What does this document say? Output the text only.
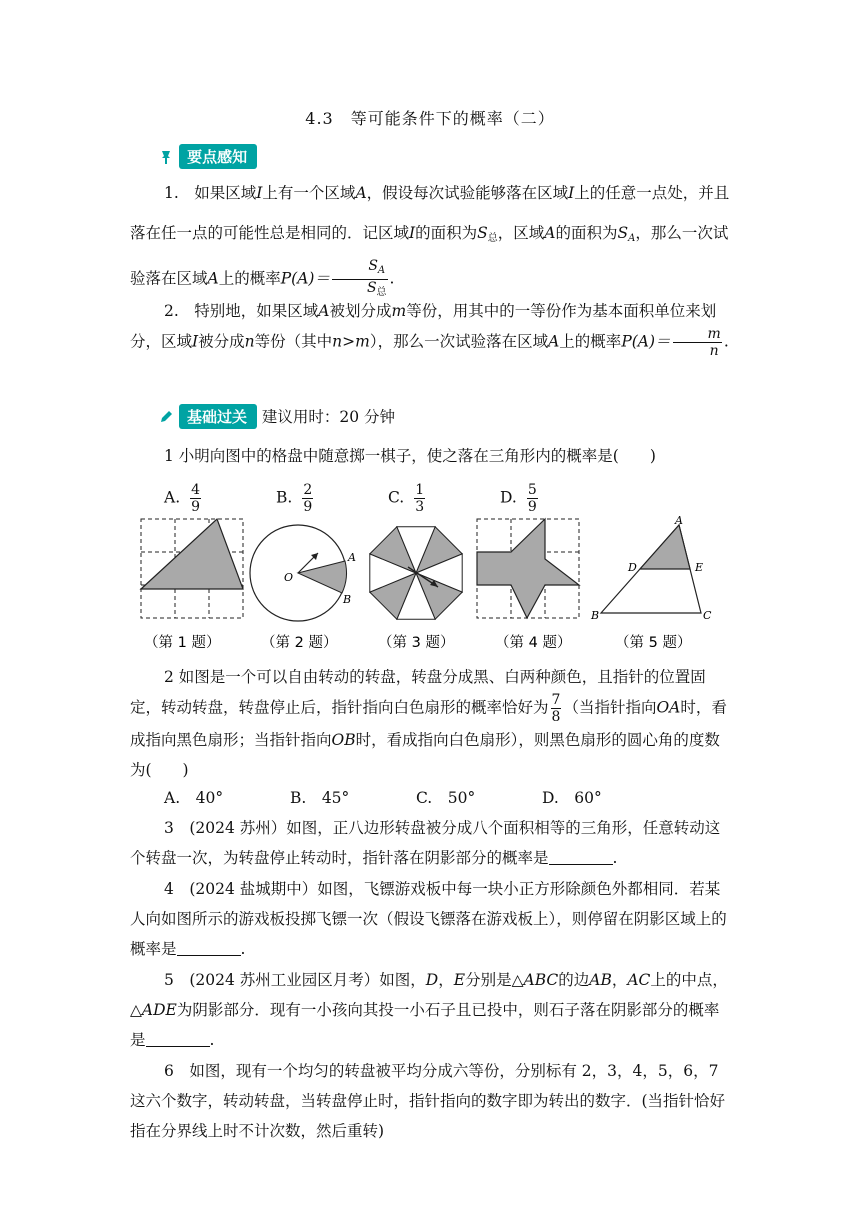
4.3　等可能条件下的概率（二）
要点感知
1.　如果区域I上有一个区域A，假设每次试验能够落在区域I上的任意一点处，并且落在任一点的可能性总是相同的．记区域I的面积为$S_总$，区域A的面积为$S_A$，那么一次试验落在区域A上的概率$P(A)= \frac{S_A}{S_总}$ .
2.　特别地，如果区域A被划分成m等份，用其中的一等份作为基本面积单位来划分，区域I被分成n等份（其中n>m），那么一次试验落在区域A上的概率$P(A)= \frac{m}{n}$ .
基础过关 建议用时：20 分钟
1 小明向图中的格盘中随意掷一棋子，使之落在三角形内的概率是(　　)
A. $\frac{4}{9}$	B. $\frac{2}{9}$	C. $\frac{1}{3}$	D. $\frac{5}{9}$
O
A
B
A
B	C
D	E
（第 1 题）	（第 2 题）	（第 3 题）	（第 4 题）	（第 5 题）
2 如图是一个可以自由转动的转盘，转盘分成黑、白两种颜色，且指针的位置固定，转动转盘，转盘停止后，指针指向白色扇形的概率恰好为 $\frac{7}{8}$ （当指针指向OA时，看成指向黑色扇形；当指针指向OB时，看成指向白色扇形），则黑色扇形的圆心角的度数为(　　)
A.　40°	B.　45°	C.　50°	D.　60°
3　(2024 苏州）如图，正八边形转盘被分成八个面积相等的三角形，任意转动这个转盘一次，为转盘停止转动时，指针落在阴影部分的概率是	.
4　(2024 盐城期中）如图，飞镖游戏板中每一块小正方形除颜色外都相同．若某人向如图所示的游戏板投掷飞镖一次（假设飞镖落在游戏板上），则停留在阴影区域上的概率是	.
5　(2024 苏州工业园区月考）如图，D，E分别是△ABC的边AB，AC上的中点，△ADE为阴影部分．现有一小孩向其投一小石子且已投中，则石子落在阴影部分的概率是	.
6　如图，现有一个均匀的转盘被平均分成六等份，分别标有 2，3，4，5，6，7 这六个数字，转动转盘，当转盘停止时，指针指向的数字即为转出的数字．(当指针恰好指在分界线上时不计次数，然后重转)
